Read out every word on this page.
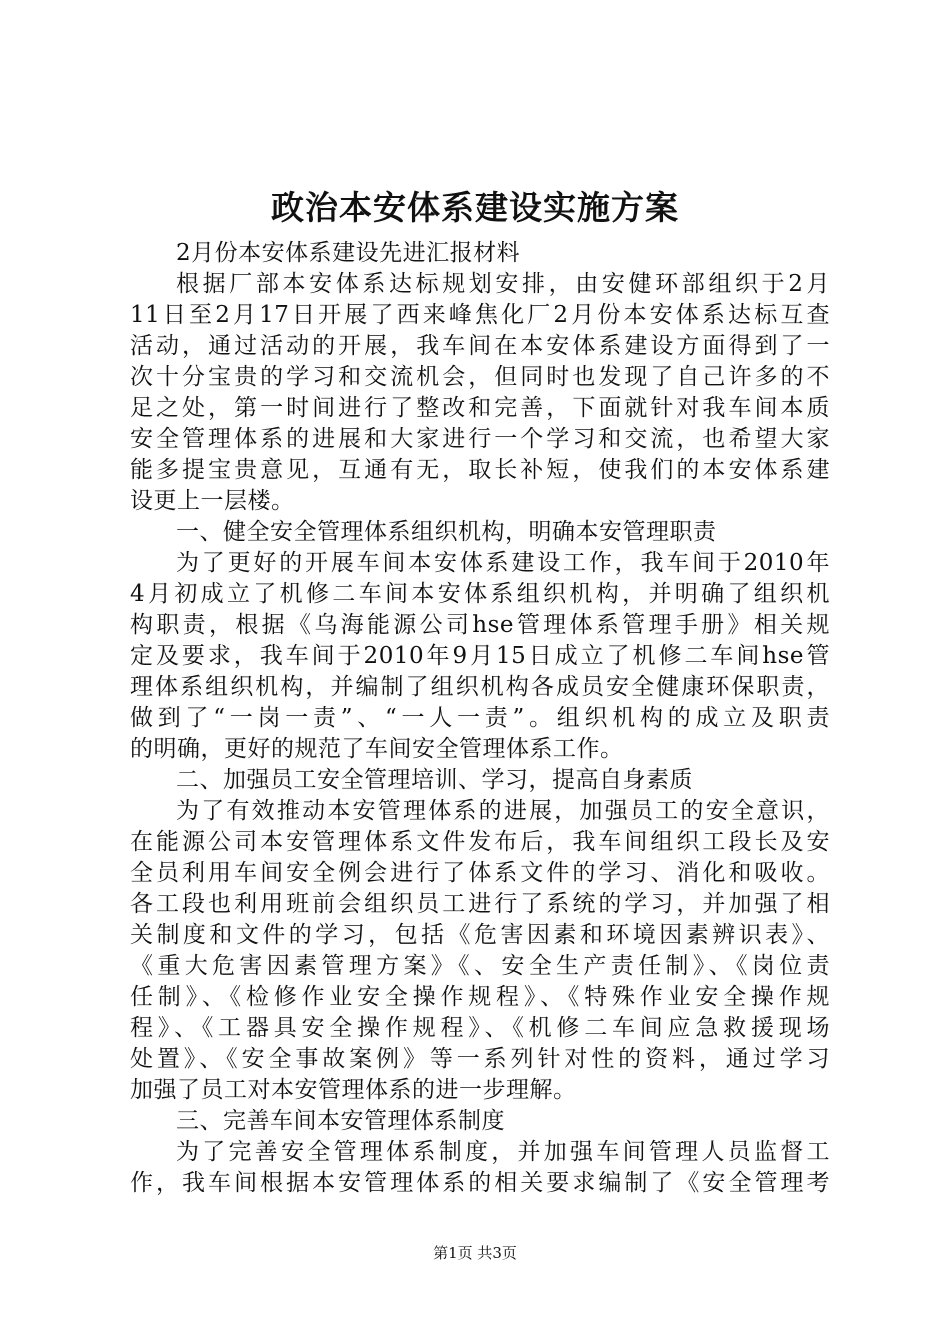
政治本安体系建设实施方案
2月份本安体系建设先进汇报材料
根据厂部本安体系达标规划安排，由安健环部组织于2月
11日至2月17日开展了西来峰焦化厂2月份本安体系达标互查
活动，通过活动的开展，我车间在本安体系建设方面得到了一
次十分宝贵的学习和交流机会，但同时也发现了自己许多的不
足之处，第一时间进行了整改和完善，下面就针对我车间本质
安全管理体系的进展和大家进行一个学习和交流，也希望大家
能多提宝贵意见，互通有无，取长补短，使我们的本安体系建
设更上一层楼。
一、健全安全管理体系组织机构，明确本安管理职责
为了更好的开展车间本安体系建设工作，我车间于2010年
4月初成立了机修二车间本安体系组织机构，并明确了组织机
构职责，根据《乌海能源公司hse管理体系管理手册》相关规
定及要求，我车间于2010年9月15日成立了机修二车间hse管
理体系组织机构，并编制了组织机构各成员安全健康环保职责，
做到了“一岗一责”、“一人一责”。组织机构的成立及职责
的明确，更好的规范了车间安全管理体系工作。
二、加强员工安全管理培训、学习，提高自身素质
为了有效推动本安管理体系的进展，加强员工的安全意识，
在能源公司本安管理体系文件发布后，我车间组织工段长及安
全员利用车间安全例会进行了体系文件的学习、消化和吸收。
各工段也利用班前会组织员工进行了系统的学习，并加强了相
关制度和文件的学习，包括《危害因素和环境因素辨识表》、
《重大危害因素管理方案》《、安全生产责任制》、《岗位责
任制》、《检修作业安全操作规程》、《特殊作业安全操作规
程》、《工器具安全操作规程》、《机修二车间应急救援现场
处置》、《安全事故案例》等一系列针对性的资料，通过学习
加强了员工对本安管理体系的进一步理解。
三、完善车间本安管理体系制度
为了完善安全管理体系制度，并加强车间管理人员监督工
作，我车间根据本安管理体系的相关要求编制了《安全管理考
第1页 共3页
